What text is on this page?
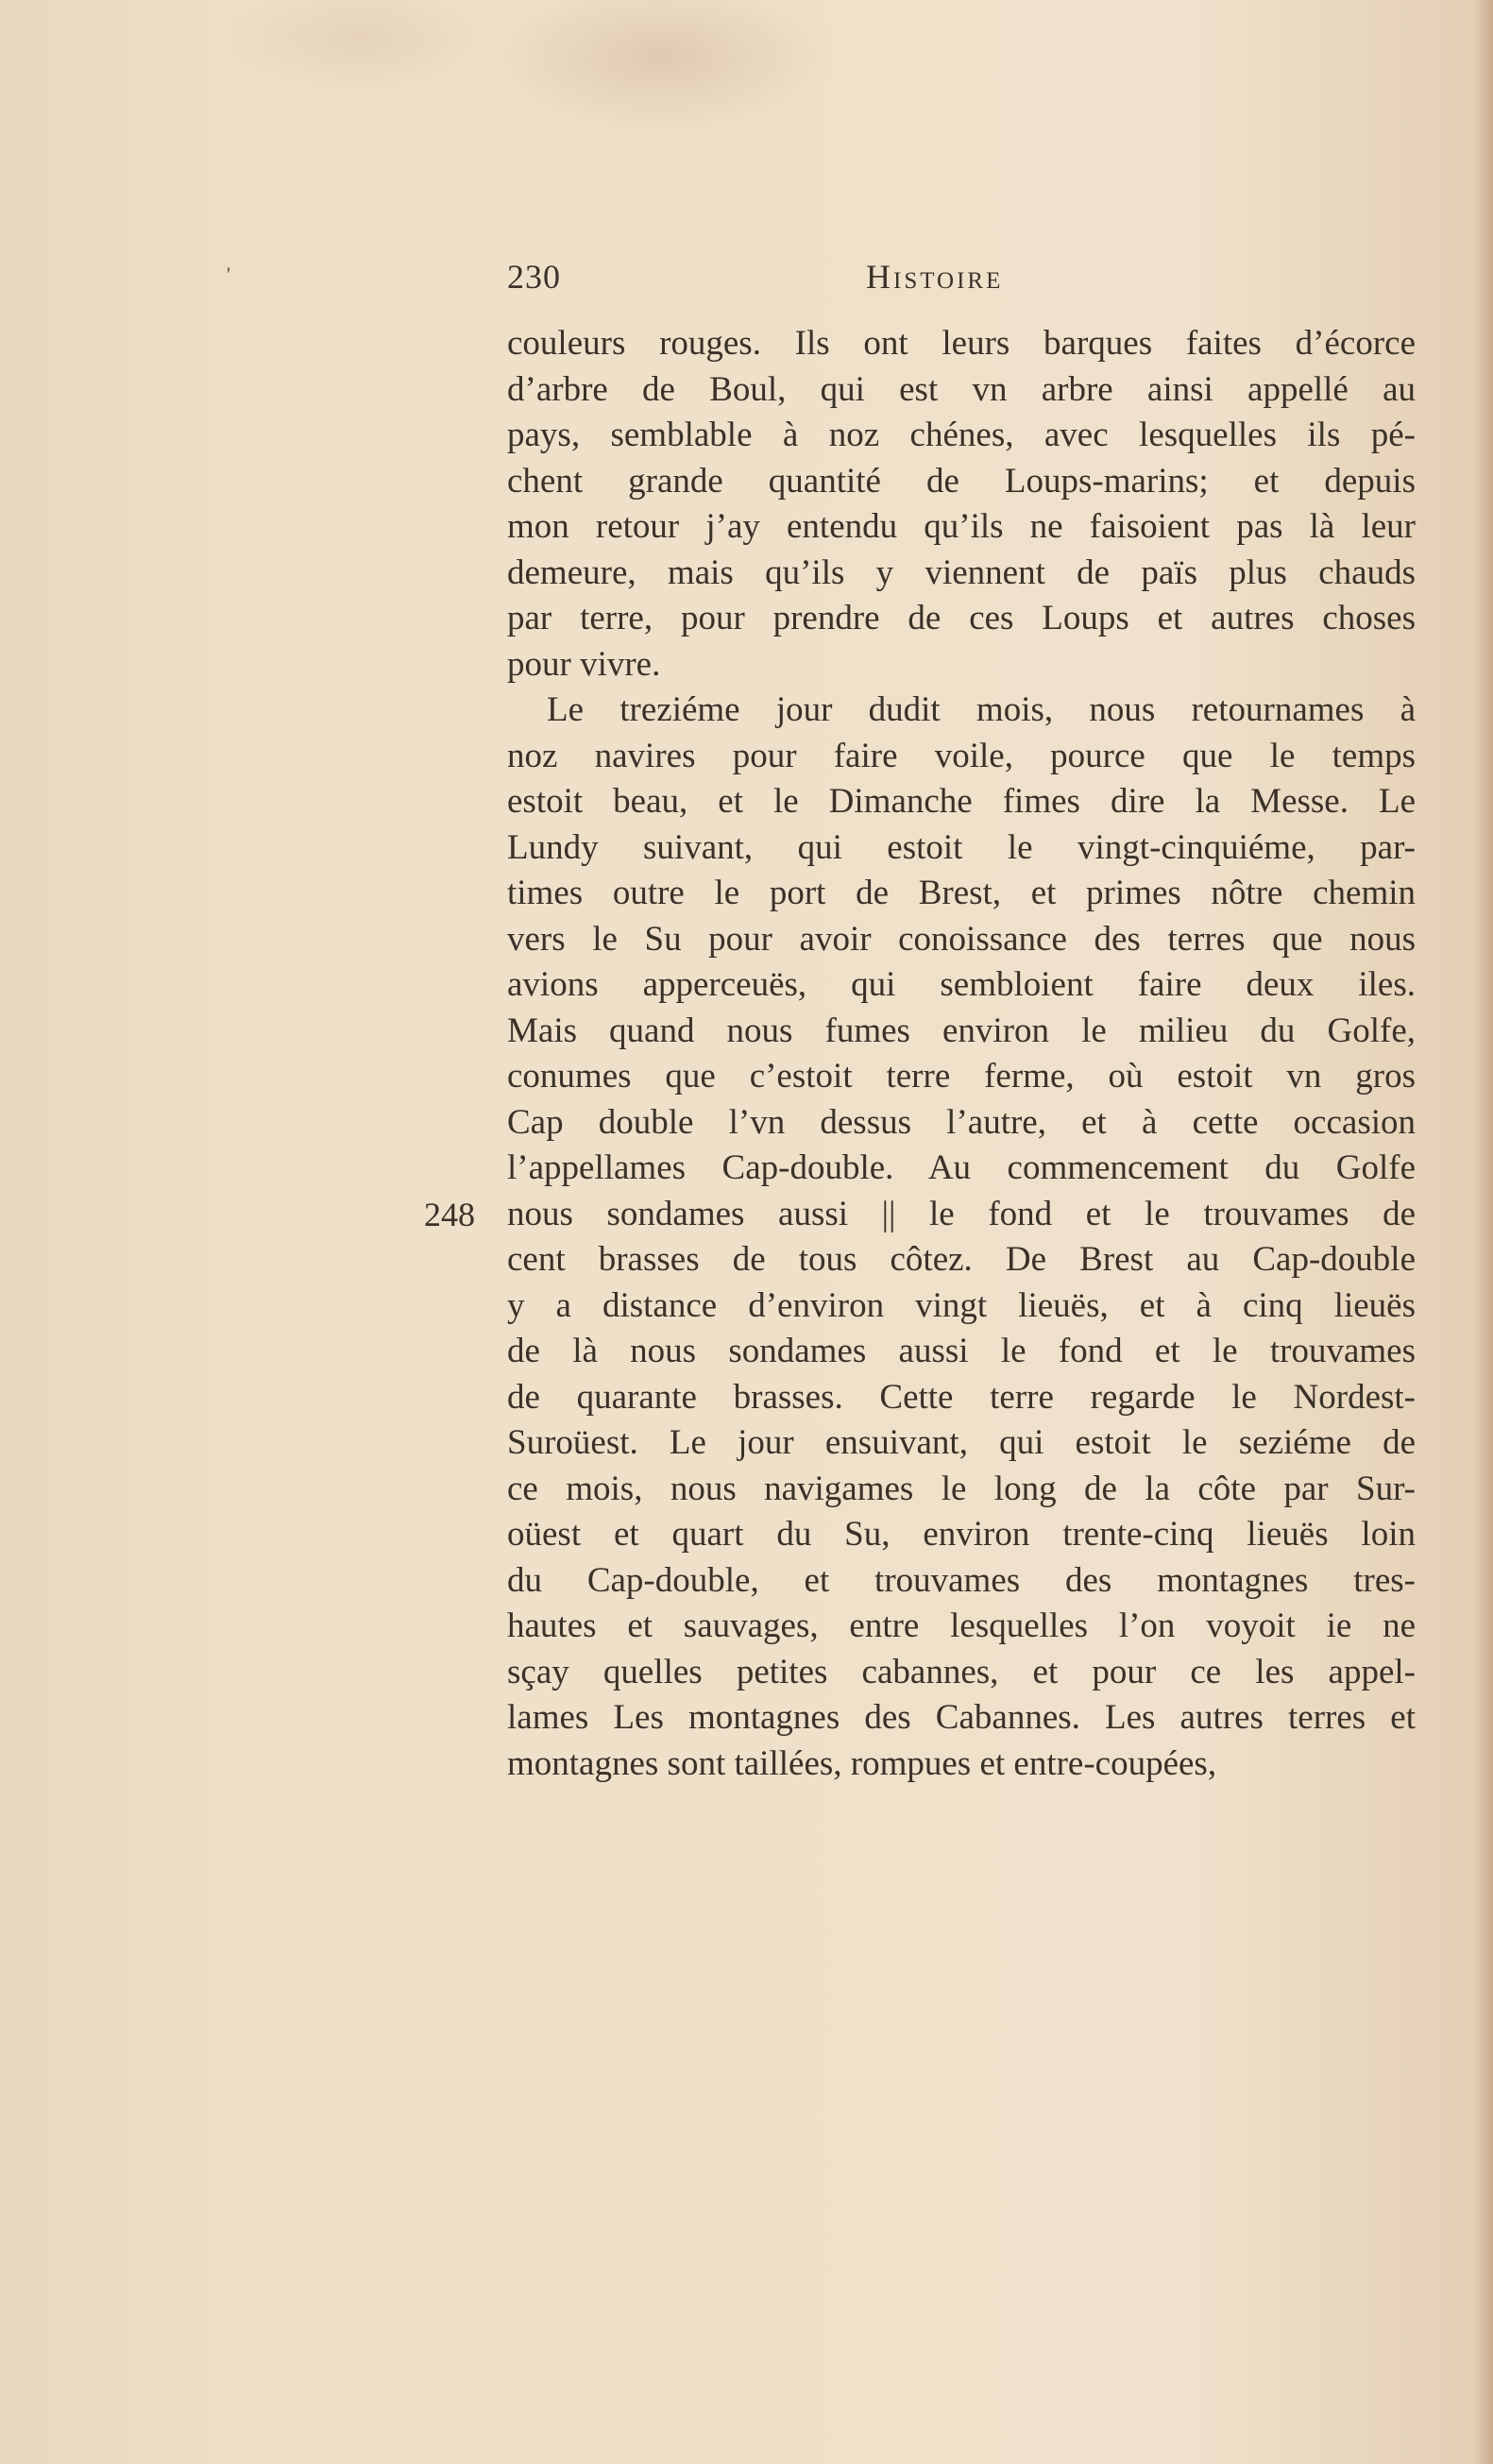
'	230	Histoire
couleurs rouges. Ils ont leurs barques faites d’écorce
d’arbre de Boul, qui est vn arbre ainsi appellé au
pays, semblable à noz chénes, avec lesquelles ils pé-
chent grande quantité de Loups-marins; et depuis
mon retour j’ay entendu qu’ils ne faisoient pas là leur
demeure, mais qu’ils y viennent de païs plus chauds
par terre, pour prendre de ces Loups et autres choses
pour vivre.
Le treziéme jour dudit mois, nous retournames à
noz navires pour faire voile, pource que le temps
estoit beau, et le Dimanche fimes dire la Messe. Le
Lundy suivant, qui estoit le vingt-cinquiéme, par-
times outre le port de Brest, et primes nôtre chemin
vers le Su pour avoir conoissance des terres que nous
avions apperceuës, qui sembloient faire deux iles.
Mais quand nous fumes environ le milieu du Golfe,
conumes que c’estoit terre ferme, où estoit vn gros
Cap double l’vn dessus l’autre, et à cette occasion
l’appellames Cap-double. Au commencement du Golfe
248 nous sondames aussi || le fond et le trouvames de
cent brasses de tous côtez. De Brest au Cap-double
y a distance d’environ vingt lieuës, et à cinq lieuës
de là nous sondames aussi le fond et le trouvames
de quarante brasses. Cette terre regarde le Nordest-
Suroüest. Le jour ensuivant, qui estoit le seziéme de
ce mois, nous navigames le long de la côte par Sur-
oüest et quart du Su, environ trente-cinq lieuës loin
du Cap-double, et trouvames des montagnes tres-
hautes et sauvages, entre lesquelles l’on voyoit ie ne
sçay quelles petites cabannes, et pour ce les appel-
lames Les montagnes des Cabannes. Les autres terres et
montagnes sont taillées, rompues et entre-coupées,
